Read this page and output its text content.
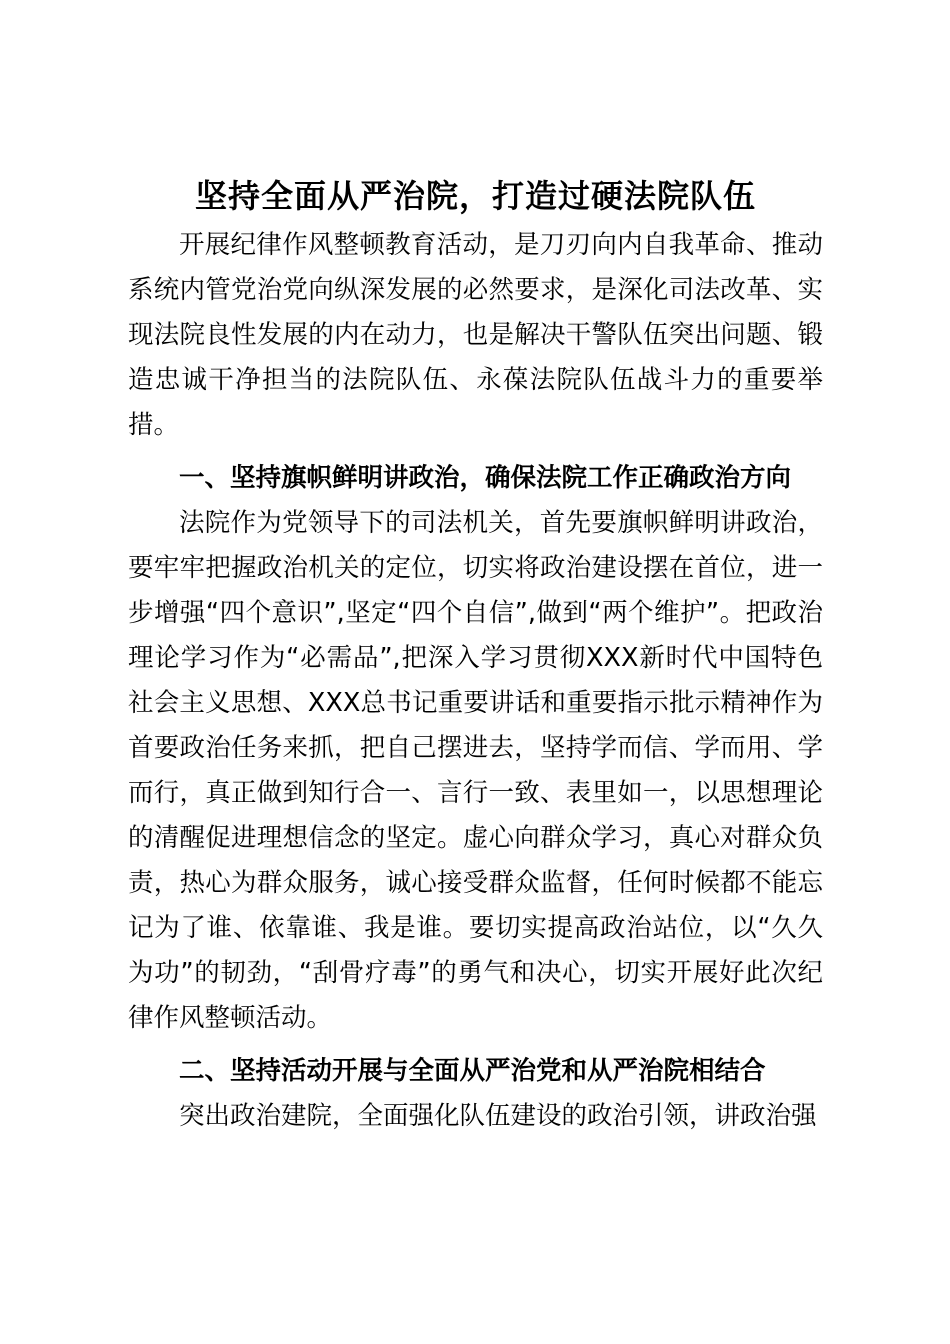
坚持全面从严治院，打造过硬法院队伍

开展纪律作风整顿教育活动，是刀刃向内自我革命、推动系统内管党治党向纵深发展的必然要求，是深化司法改革、实现法院良性发展的内在动力，也是解决干警队伍突出问题、锻造忠诚干净担当的法院队伍、永葆法院队伍战斗力的重要举措。

一、坚持旗帜鲜明讲政治，确保法院工作正确政治方向

法院作为党领导下的司法机关，首先要旗帜鲜明讲政治，要牢牢把握政治机关的定位，切实将政治建设摆在首位，进一步增强“四个意识”,坚定“四个自信”,做到“两个维护”。把政治理论学习作为“必需品”,把深入学习贯彻XXX新时代中国特色社会主义思想、XXX总书记重要讲话和重要指示批示精神作为首要政治任务来抓，把自己摆进去，坚持学而信、学而用、学而行，真正做到知行合一、言行一致、表里如一，以思想理论的清醒促进理想信念的坚定。虚心向群众学习，真心对群众负责，热心为群众服务，诚心接受群众监督，任何时候都不能忘记为了谁、依靠谁、我是谁。要切实提高政治站位，以“久久为功”的韧劲，“刮骨疗毒”的勇气和决心，切实开展好此次纪律作风整顿活动。

二、坚持活动开展与全面从严治党和从严治院相结合

突出政治建院，全面强化队伍建设的政治引领，讲政治强
